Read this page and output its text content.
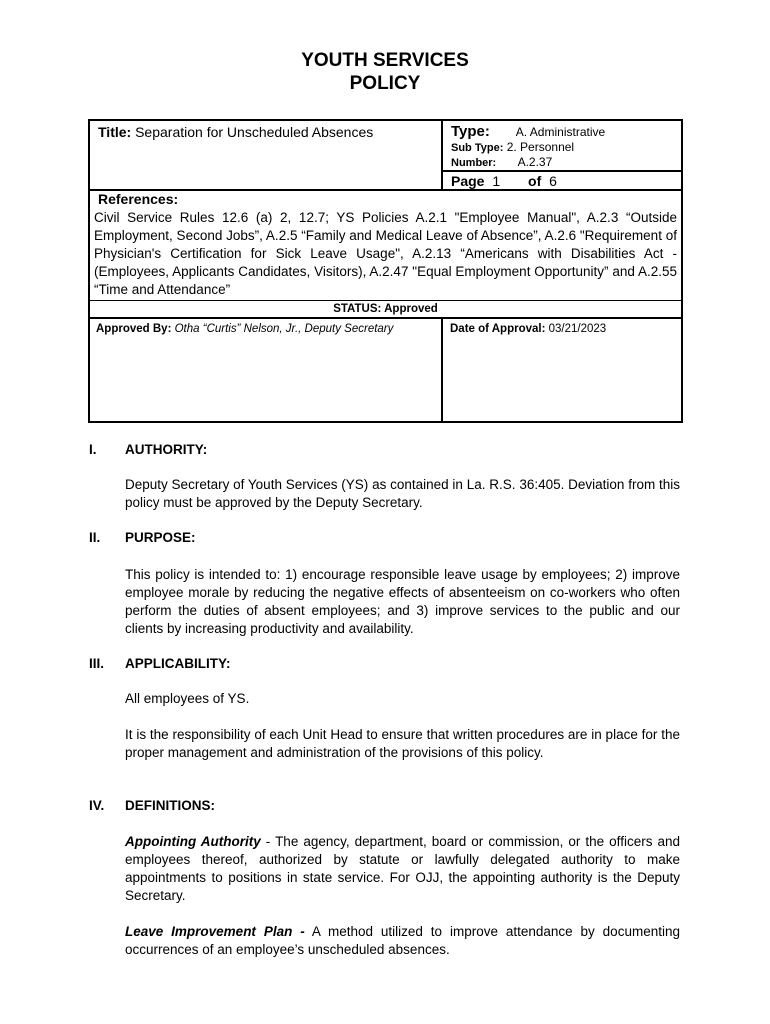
YOUTH SERVICES
POLICY
Title: Separation for Unscheduled Absences	Type: A. Administrative
Sub Type: 2. Personnel
Number: A.2.37
Page 1 of 6
References:
Civil Service Rules 12.6 (a) 2, 12.7; YS Policies A.2.1 "Employee Manual", A.2.3 “Outside Employment, Second Jobs”, A.2.5 “Family and Medical Leave of Absence”, A.2.6 "Requirement of Physician's Certification for Sick Leave Usage", A.2.13 “Americans with Disabilities Act - (Employees, Applicants Candidates, Visitors), A.2.47 "Equal Employment Opportunity” and A.2.55 “Time and Attendance”
STATUS: Approved
Approved By: Otha “Curtis” Nelson, Jr., Deputy Secretary	Date of Approval: 03/21/2023
I. AUTHORITY:
Deputy Secretary of Youth Services (YS) as contained in La. R.S. 36:405. Deviation from this policy must be approved by the Deputy Secretary.
II. PURPOSE:
This policy is intended to: 1) encourage responsible leave usage by employees; 2) improve employee morale by reducing the negative effects of absenteeism on co-workers who often perform the duties of absent employees; and 3) improve services to the public and our clients by increasing productivity and availability.
III. APPLICABILITY:
All employees of YS.
It is the responsibility of each Unit Head to ensure that written procedures are in place for the proper management and administration of the provisions of this policy.
IV. DEFINITIONS:
Appointing Authority - The agency, department, board or commission, or the officers and employees thereof, authorized by statute or lawfully delegated authority to make appointments to positions in state service. For OJJ, the appointing authority is the Deputy Secretary.
Leave Improvement Plan - A method utilized to improve attendance by documenting occurrences of an employee’s unscheduled absences.
